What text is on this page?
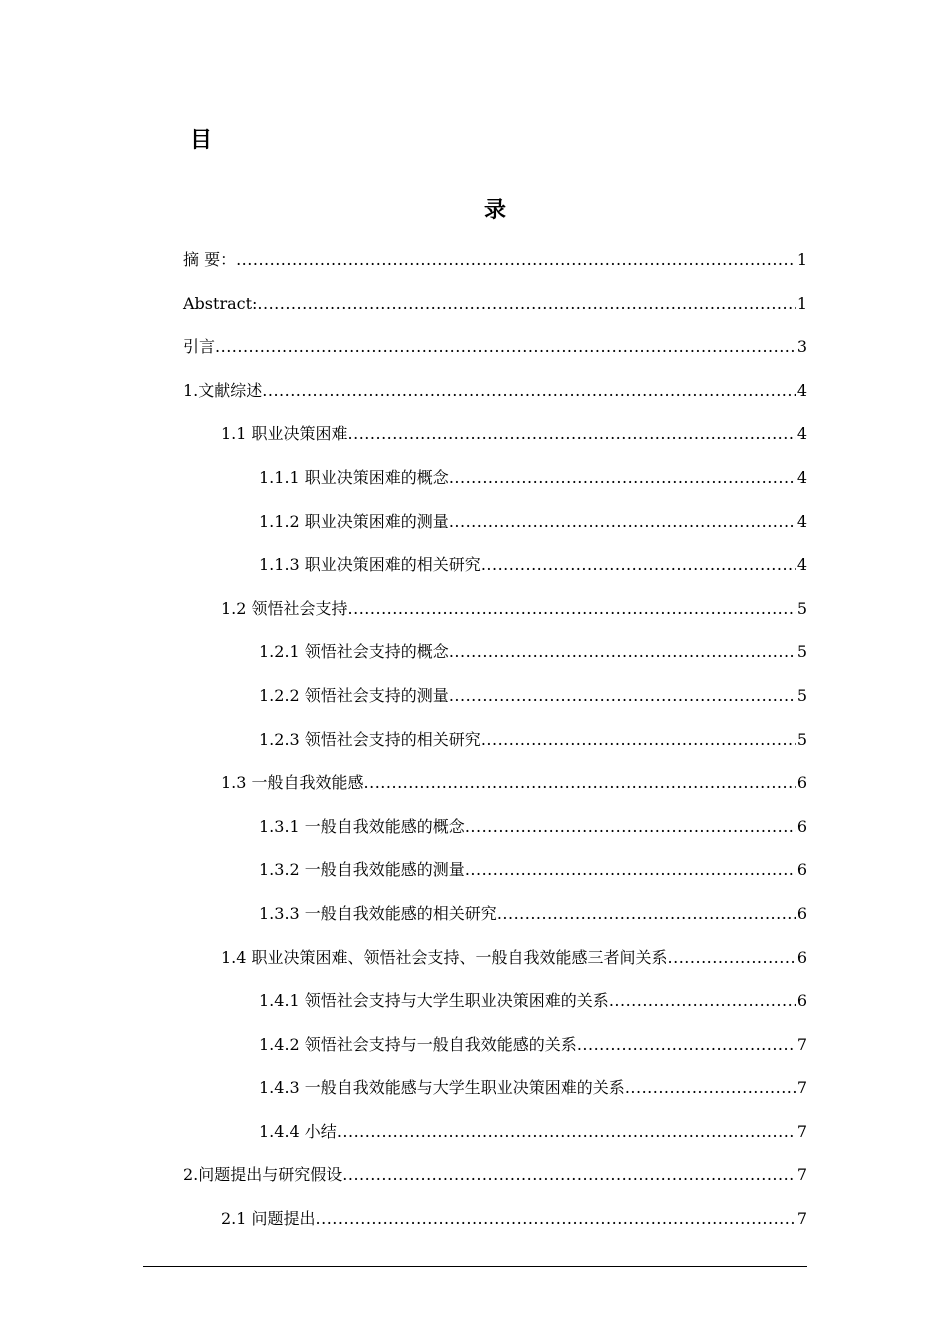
目
录
摘 要： .....	1
Abstract: .....	1
引言 .....	3
1.文献综述 .....	4
1.1 职业决策困难 .....	4
1.1.1 职业决策困难的概念 .....	4
1.1.2 职业决策困难的测量 .....	4
1.1.3 职业决策困难的相关研究 .....	4
1.2 领悟社会支持 .....	5
1.2.1 领悟社会支持的概念 .....	5
1.2.2 领悟社会支持的测量 .....	5
1.2.3 领悟社会支持的相关研究 .....	5
1.3 一般自我效能感 .....	6
1.3.1 一般自我效能感的概念 .....	6
1.3.2 一般自我效能感的测量 .....	6
1.3.3 一般自我效能感的相关研究 .....	6
1.4 职业决策困难、领悟社会支持、一般自我效能感三者间关系 .....	6
1.4.1 领悟社会支持与大学生职业决策困难的关系 .....	6
1.4.2 领悟社会支持与一般自我效能感的关系 .....	7
1.4.3 一般自我效能感与大学生职业决策困难的关系 .....	7
1.4.4 小结 .....	7
2.问题提出与研究假设 .....	7
2.1 问题提出 .....	7
